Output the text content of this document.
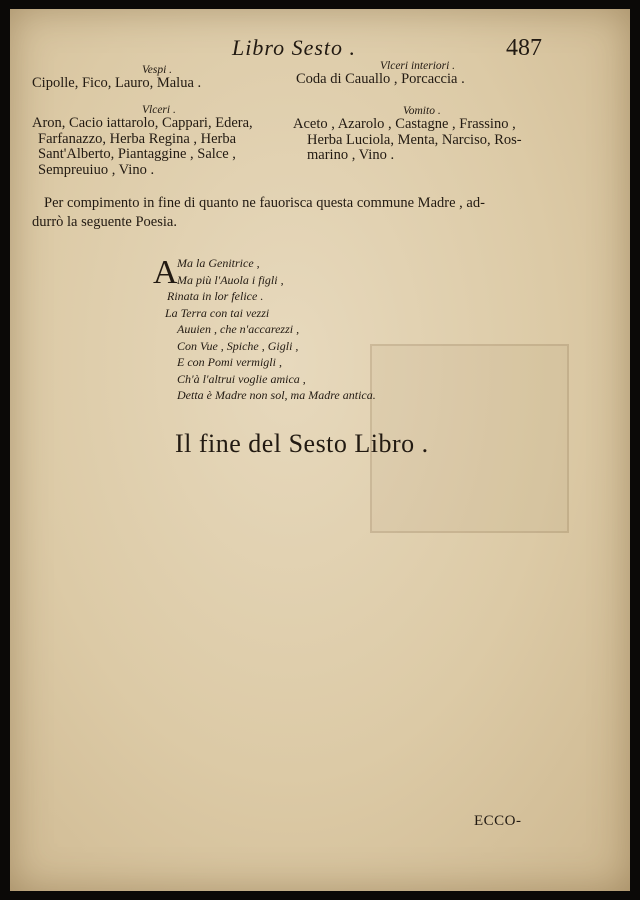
Libro Sesto .	487
Vespi .
Cipolle, Fico, Lauro, Malua .
Vlceri .
Aron, Cacio iattarolo, Cappari, Edera,
Farfanazzo, Herba Regina , Herba
Sant'Alberto, Piantaggine , Salce ,
Sempreuiuo , Vino .
Vlceri interiori .
Coda di Cauallo , Porcaccia .
Vomito .
Aceto , Azarolo , Castagne , Frassino ,
Herba Luciola, Menta, Narciso, Ros-
marino , Vino .
Per compimento in fine di quanto ne fauorisca questa commune Madre , ad-
durrò la seguente Poesia.
A Ma la Genitrice ,
Ma più l'Auola i figli ,
Rinata in lor felice .
La Terra con tai vezzi
Auuien , che n'accarezzi ,
Con Vue , Spiche , Gigli ,
E con Pomi vermigli ,
Ch'à l'altrui voglie amica ,
Detta è Madre non sol, ma Madre antica.
Il fine del Sesto Libro .
ECCO-
